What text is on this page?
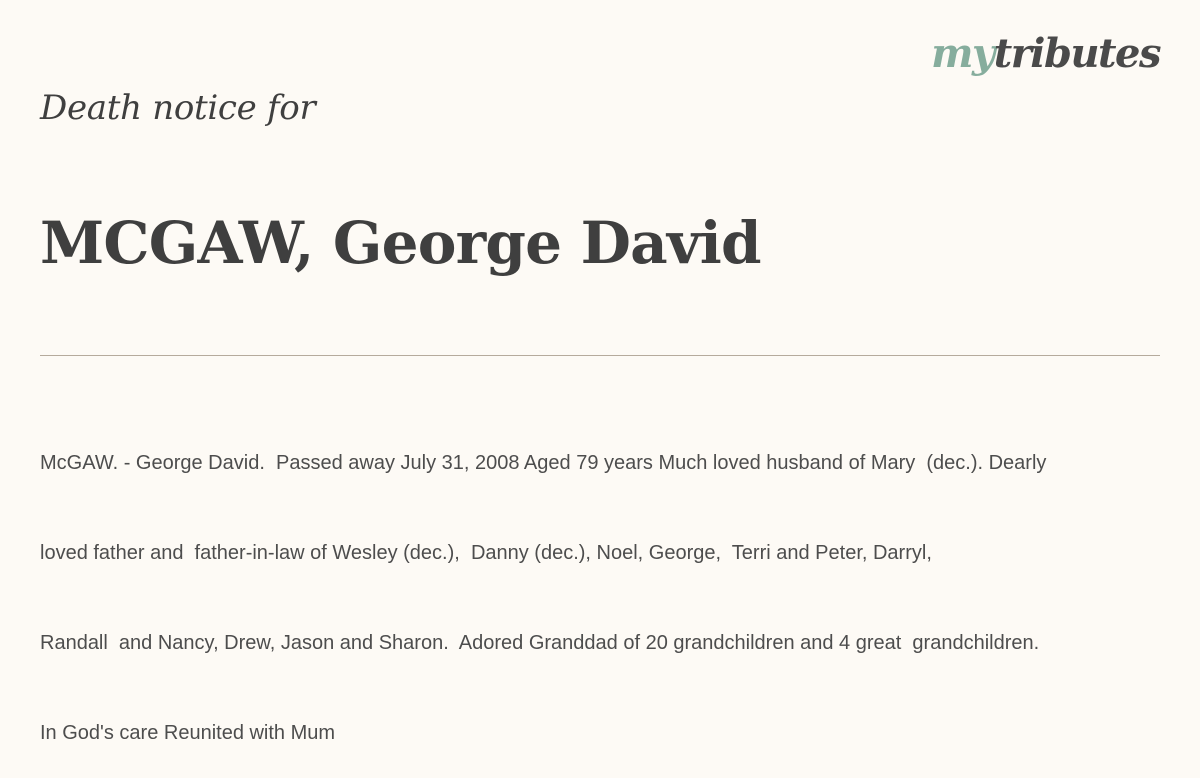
mytributes
Death notice for
MCGAW, George David

McGAW. - George David.  Passed away July 31, 2008 Aged 79 years Much loved husband of Mary  (dec.). Dearly

loved father and  father-in-law of Wesley (dec.),  Danny (dec.), Noel, George,  Terri and Peter, Darryl,

Randall  and Nancy, Drew, Jason and Sharon.  Adored Granddad of 20 grandchildren and 4 great  grandchildren.

In God's care Reunited with Mum
